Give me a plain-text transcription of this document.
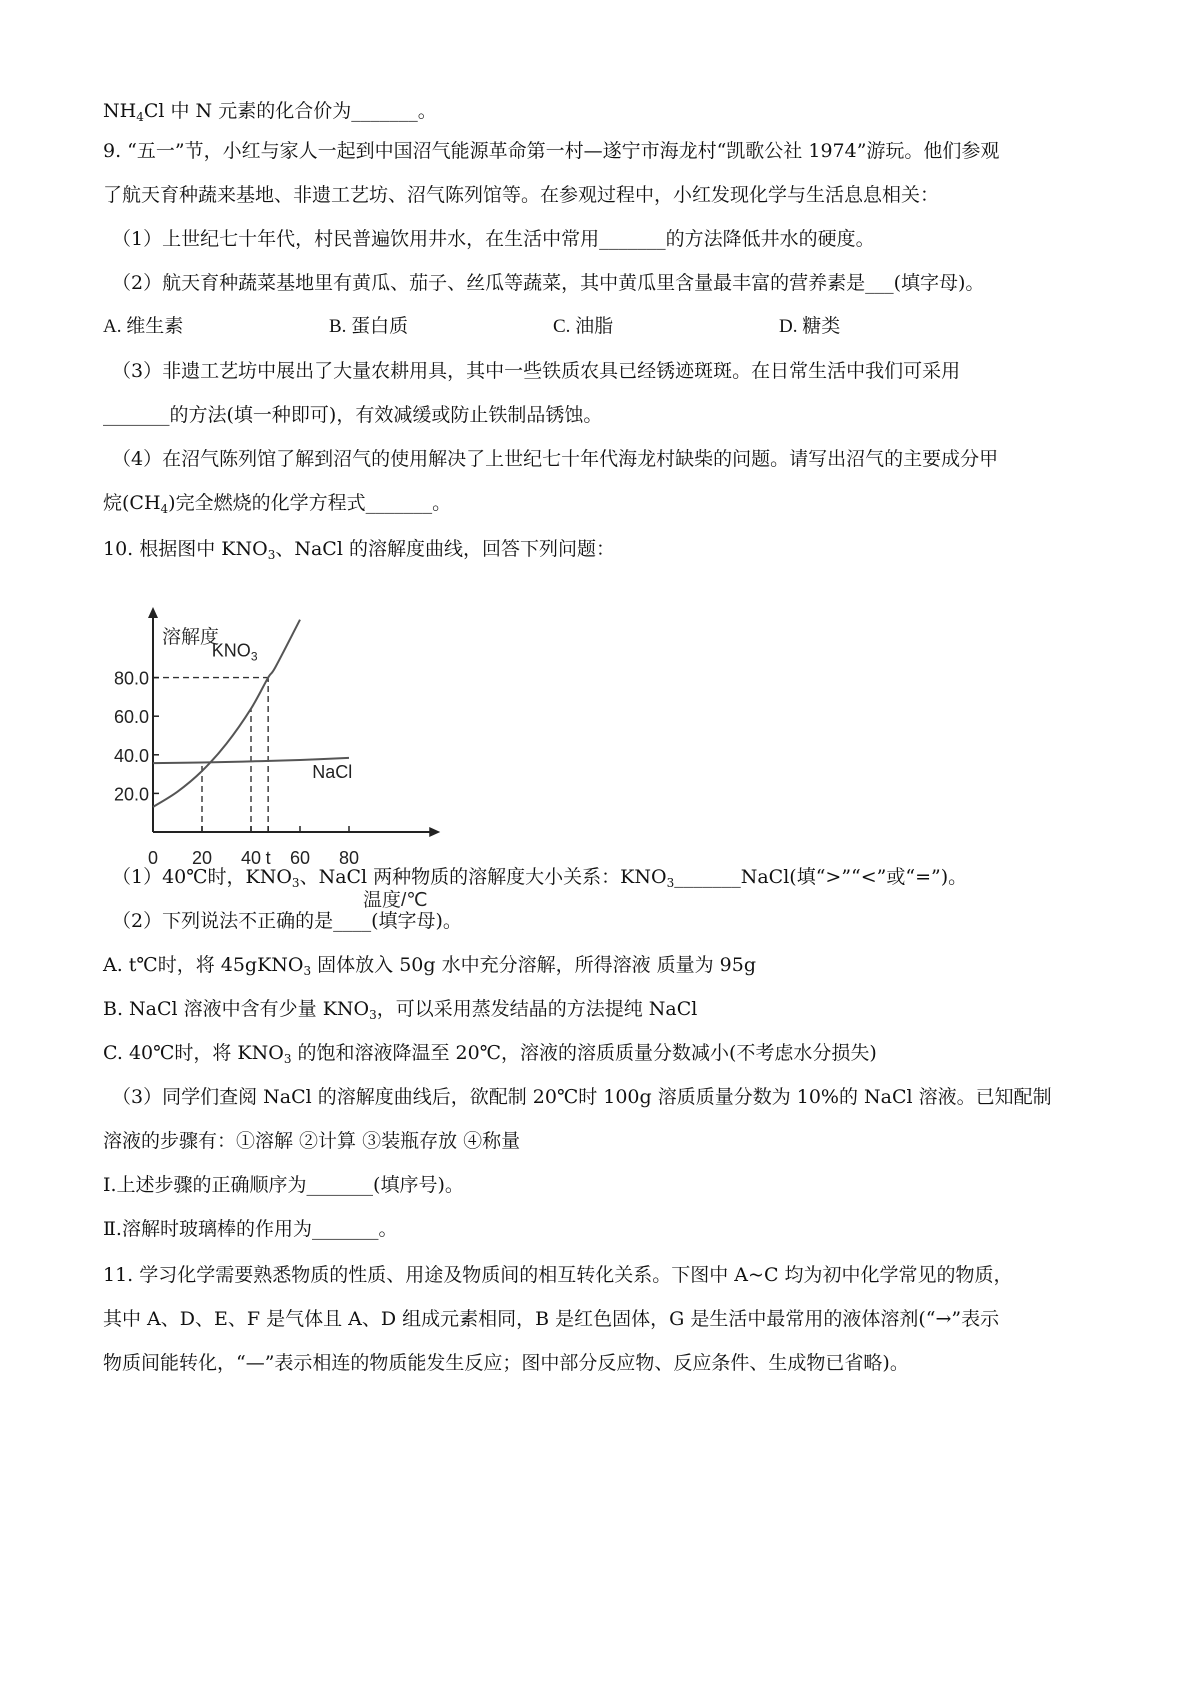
$NH_4Cl$ 中 N 元素的化合价为_______。
9. “五一”节，小红与家人一起到中国沼气能源革命第一村—遂宁市海龙村“凯歌公社 1974”游玩。他们参观
了航天育种蔬来基地、非遗工艺坊、沼气陈列馆等。在参观过程中，小红发现化学与生活息息相关：
（1）上世纪七十年代，村民普遍饮用井水，在生活中常用_______的方法降低井水的硬度。
（2）航天育种蔬菜基地里有黄瓜、茄子、丝瓜等蔬菜，其中黄瓜里含量最丰富的营养素是___(填字母)。
A. 维生素	B. 蛋白质	C. 油脂	D. 糖类
（3）非遗工艺坊中展出了大量农耕用具，其中一些铁质农具已经锈迹斑斑。在日常生活中我们可采用
_______的方法(填一种即可)，有效减缓或防止铁制品锈蚀。
（4）在沼气陈列馆了解到沼气的使用解决了上世纪七十年代海龙村缺柴的问题。请写出沼气的主要成分甲
烷$(CH_4)$完全燃烧的化学方程式_______。
10. 根据图中 $KNO_3$、NaCl 的溶解度曲线，回答下列问题：
$KNO_3$
NaCl
20.0
40.0
60.0
80.0
0 20 40 t 60 80
溶解度
温度/℃
（1）40℃时，$KNO_3$、NaCl 两种物质的溶解度大小关系：$KNO_3\_\_\_\_\_\_\_NaCl$(填“>”“<”或“=”)。
（2）下列说法不正确的是____(填字母)。
A. t℃时，将 45gKNO$_3$ 固体放入 50g 水中充分溶解，所得溶液 质量为 95g
B. NaCl 溶液中含有少量 $KNO_3$，可以采用蒸发结晶的方法提纯 NaCl
C. 40℃时，将 $KNO_3$ 的饱和溶液降温至 20℃，溶液的溶质质量分数减小(不考虑水分损失)
（3）同学们查阅 NaCl 的溶解度曲线后，欲配制 20℃时 100g 溶质质量分数为 10%的 NaCl 溶液。已知配制
溶液的步骤有：①溶解 ②计算 ③装瓶存放 ④称量
I.上述步骤的正确顺序为_______(填序号)。
Ⅱ.溶解时玻璃棒的作用为_______。
11. 学习化学需要熟悉物质的性质、用途及物质间的相互转化关系。下图中 A~C 均为初中化学常见的物质，
其中 A、D、E、F 是气体且 A、D 组成元素相同，B 是红色固体，G 是生活中最常用的液体溶剂(“→”表示
物质间能转化，“—”表示相连的物质能发生反应；图中部分反应物、反应条件、生成物已省略)。
